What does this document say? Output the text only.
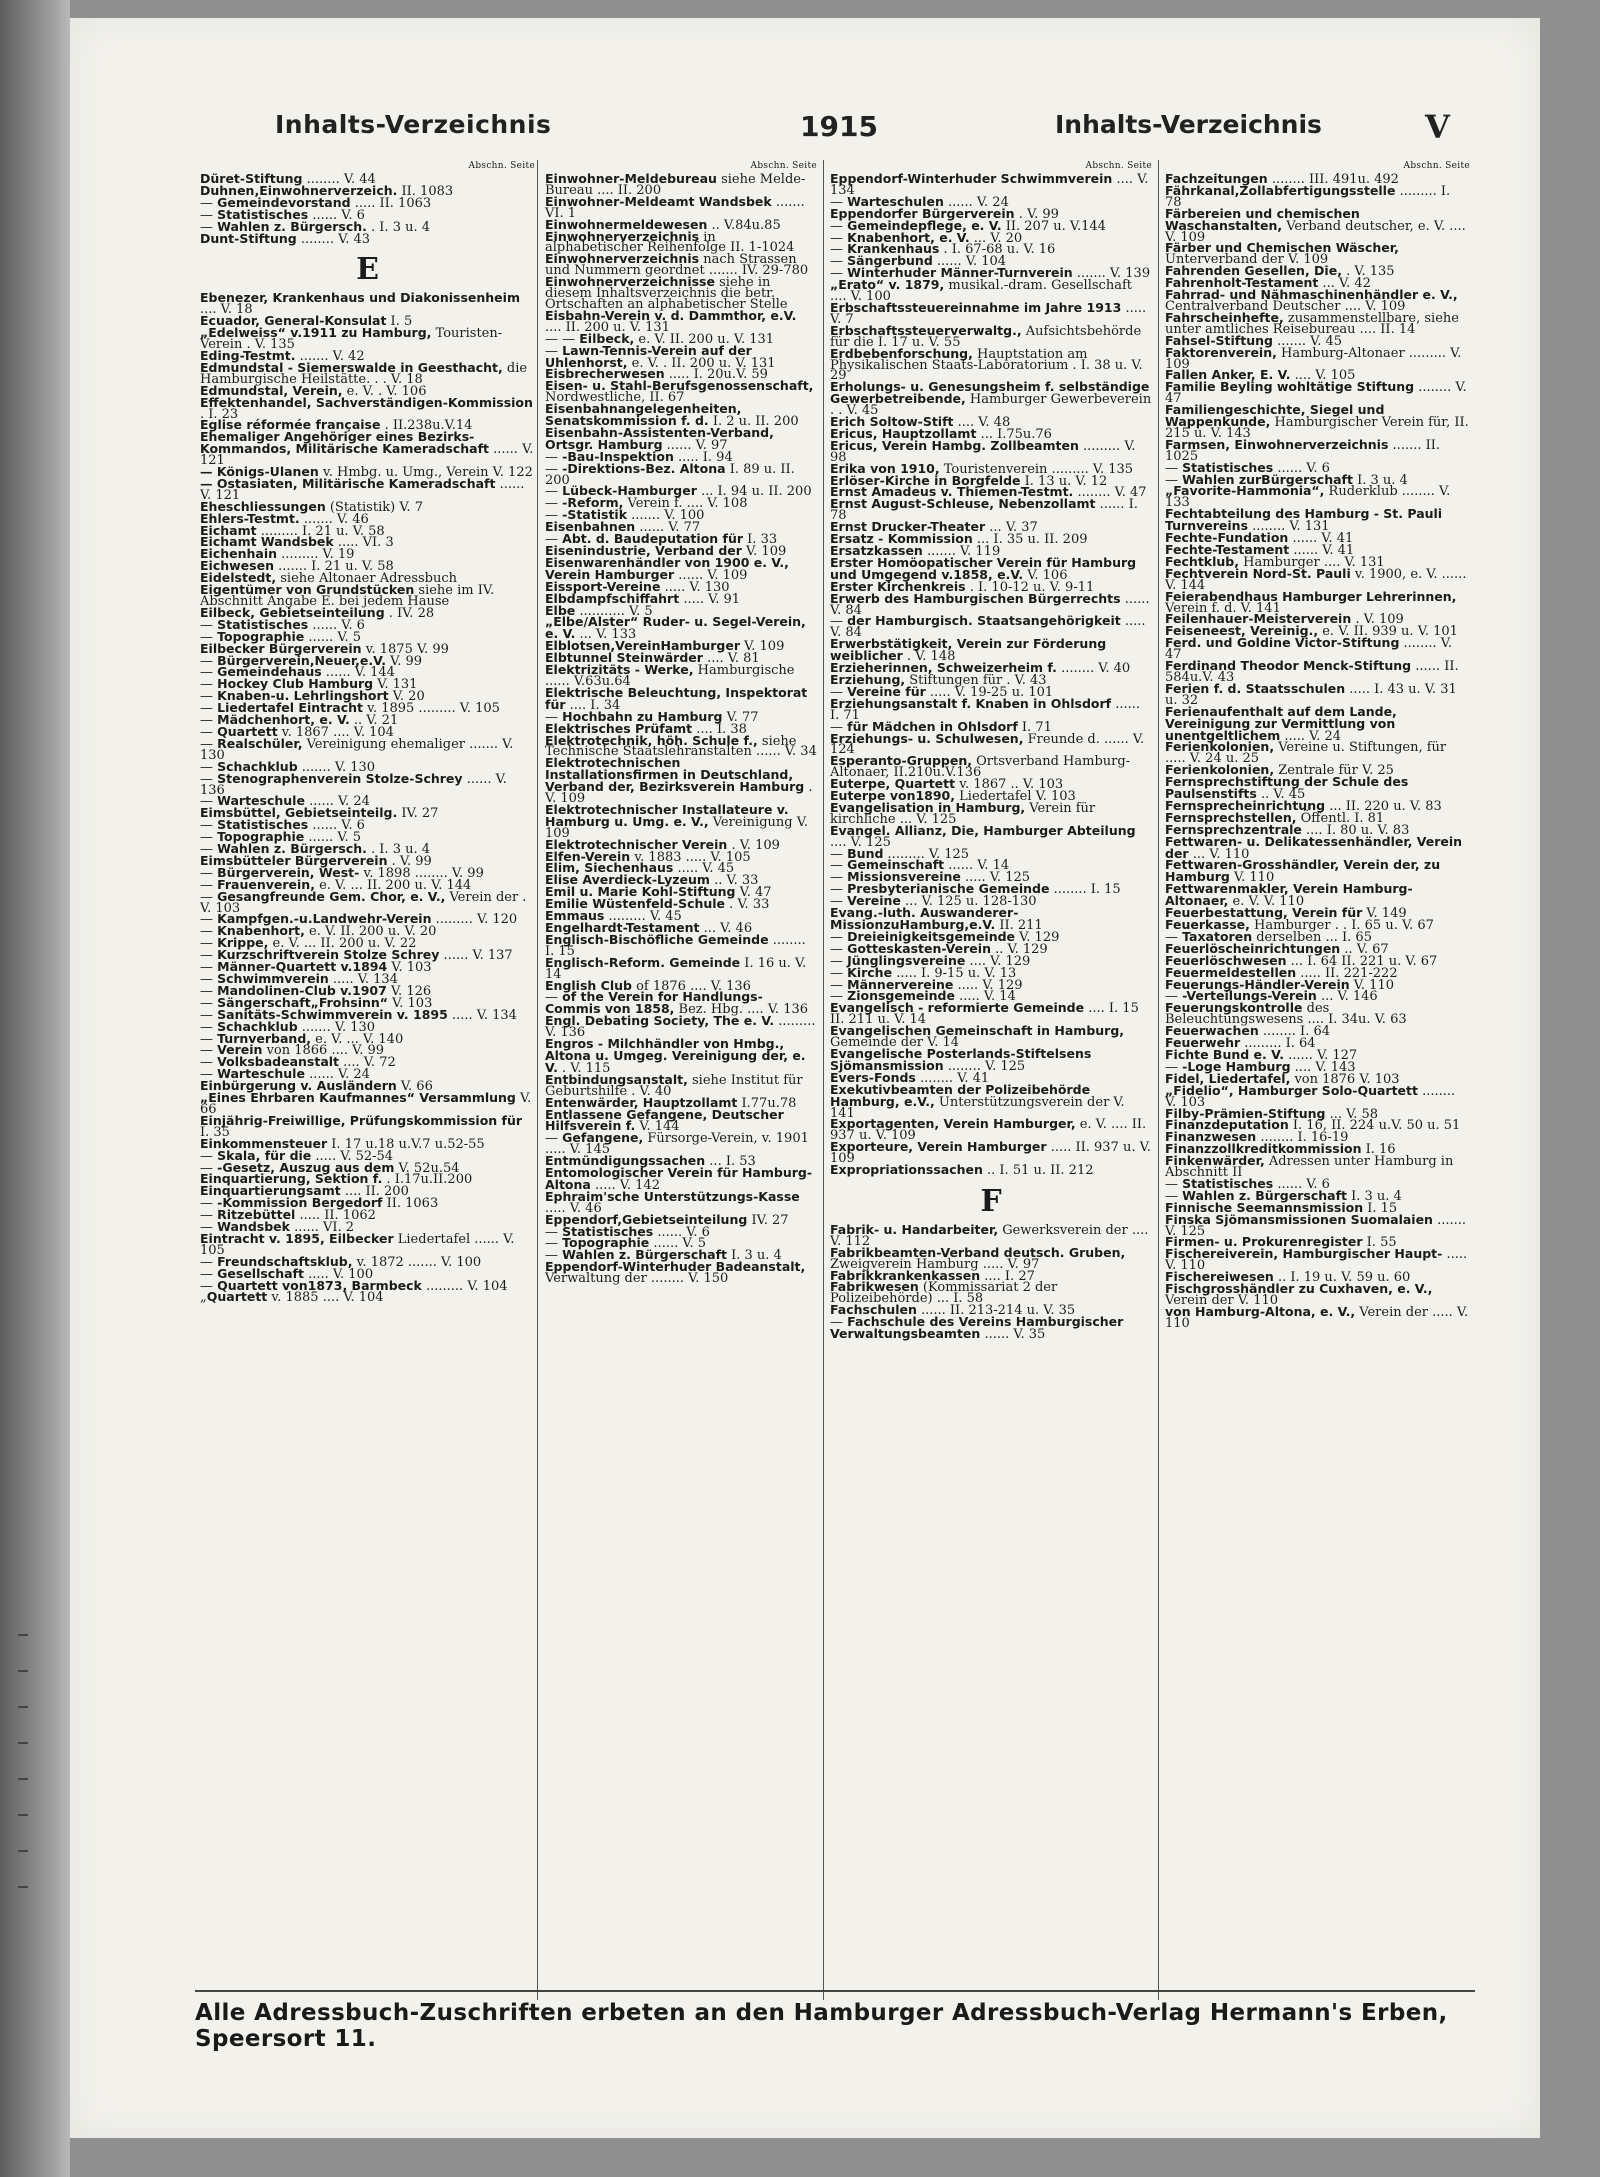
Inhalts-Verzeichnis	1915	Inhalts-Verzeichnis	V
Abschn. Seite
Düret-Stiftung ........ V. 44
Duhnen,Einwohnerverzeich. II. 1083
— Gemeindevorstand ..... II. 1063
— Statistisches ...... V. 6
— Wahlen z. Bürgersch. . I. 3 u. 4
Dunt-Stiftung ........ V. 43
E
Ebenezer, Krankenhaus und Diakonissenheim .... V. 18
Ecuador, General-Konsulat I. 5
„Edelweiss“ v.1911 zu Hamburg, Touristen-Verein . V. 135
Eding-Testmt. ....... V. 42
Edmundstal - Siemerswalde in Geesthacht, die Hamburgische Heilstätte. . . V. 18
Edmundstal, Verein, e. V. . V. 106
Effektenhandel, Sachverständigen-Kommission . I. 23
Eglise réformée française . II.238u.V.14
Ehemaliger Angehöriger eines Bezirks-Kommandos, Militärische Kameradschaft ...... V. 121
— Königs-Ulanen v. Hmbg. u. Umg., Verein V. 122
— Ostasiaten, Militärische Kameradschaft ...... V. 121
Eheschliessungen (Statistik) V. 7
Ehlers-Testmt. ....... V. 46
Eichamt ......... I. 21 u. V. 58
Eichamt Wandsbek ..... VI. 3
Eichenhain ......... V. 19
Eichwesen ....... I. 21 u. V. 58
Eidelstedt, siehe Altonaer Adressbuch
Eigentümer von Grundstücken siehe im IV. Abschnitt Angabe E. bei jedem Hause
Eilbeck, Gebietseinteilung . IV. 28
— Statistisches ...... V. 6
— Topographie ...... V. 5
Eilbecker Bürgerverein v. 1875 V. 99
— Bürgerverein,Neuer,e.V. V. 99
— Gemeindehaus ...... V. 144
— Hockey Club Hamburg V. 131
— Knaben-u. Lehrlingshort V. 20
— Liedertafel Eintracht v. 1895 ......... V. 105
— Mädchenhort, e. V. .. V. 21
— Quartett v. 1867 .... V. 104
— Realschüler, Vereinigung ehemaliger ....... V. 130
— Schachklub ....... V. 130
— Stenographenverein Stolze-Schrey ...... V. 136
— Warteschule ...... V. 24
Eimsbüttel, Gebietseinteilg. IV. 27
— Statistisches ...... V. 6
— Topographie ...... V. 5
— Wahlen z. Bürgersch. . I. 3 u. 4
Eimsbütteler Bürgerverein . V. 99
— Bürgerverein, West- v. 1898 ........ V. 99
— Frauenverein, e. V. ... II. 200 u. V. 144
— Gesangfreunde Gem. Chor, e. V., Verein der . V. 103
— Kampfgen.-u.Landwehr-Verein ......... V. 120
— Knabenhort, e. V. II. 200 u. V. 20
— Krippe, e. V. ... II. 200 u. V. 22
— Kurzschriftverein Stolze Schrey ...... V. 137
— Männer-Quartett v.1894 V. 103
— Schwimmverein ..... V. 134
— Mandolinen-Club v.1907 V. 126
— Sängerschaft„Frohsinn“ V. 103
— Sanitäts-Schwimmverein v. 1895 ..... V. 134
— Schachklub ....... V. 130
— Turnverband, e. V. ... V. 140
— Verein von 1866 .... V. 99
— Volksbadeanstalt .... V. 72
— Warteschule ...... V. 24
Einbürgerung v. Ausländern V. 66
„Eines Ehrbaren Kaufmannes“ Versammlung V. 66
Einjährig-Freiwillige, Prüfungskommission für I. 35
Einkommensteuer I. 17 u.18 u.V.7 u.52-55
— Skala, für die ..... V. 52-54
— -Gesetz, Auszug aus dem V. 52u.54
Einquartierung, Sektion f. . I.17u.II.200
Einquartierungsamt .... II. 200
— -Kommission Bergedorf II. 1063
— Ritzebüttel ..... II. 1062
— Wandsbek ...... VI. 2
Eintracht v. 1895, Eilbecker Liedertafel ...... V. 105
— Freundschaftsklub, v. 1872 ....... V. 100
— Gesellschaft ..... V. 100
— Quartett von1873, Barmbeck ......... V. 104
„Quartett v. 1885 .... V. 104
Abschn. Seite
Einwohner-Meldebureau siehe Melde-Bureau .... II. 200
Einwohner-Meldeamt Wandsbek ....... VI. 1
Einwohnermeldewesen .. V.84u.85
Einwohnerverzeichnis in alphabetischer Reihenfolge II. 1-1024
Einwohnerverzeichnis nach Strassen und Nummern geordnet ....... IV. 29-780
Einwohnerverzeichnisse siehe in diesem Inhaltsverzeichnis die betr. Ortschaften an alphabetischer Stelle
Eisbahn-Verein v. d. Dammthor, e.V. .... II. 200 u. V. 131
— — Eilbeck, e. V. II. 200 u. V. 131
— Lawn-Tennis-Verein auf der Uhlenhorst, e. V. . II. 200 u. V. 131
Eisbrecherwesen ..... I. 20u.V. 59
Eisen- u. Stahl-Berufsgenossenschaft, Nordwestliche, II. 67
Eisenbahnangelegenheiten, Senatskommission f. d. I. 2 u. II. 200
Eisenbahn-Assistenten-Verband, Ortsgr. Hamburg ...... V. 97
— -Bau-Inspektion ..... I. 94
— -Direktions-Bez. Altona I. 89 u. II. 200
— Lübeck-Hamburger ... I. 94 u. II. 200
— -Reform, Verein f. .... V. 108
— -Statistik ....... V. 100
Eisenbahnen ...... V. 77
— Abt. d. Baudeputation für I. 33
Eisenindustrie, Verband der V. 109
Eisenwarenhändler von 1900 e. V., Verein Hamburger ...... V. 109
Eissport-Vereine ..... V. 130
Elbdampfschiffahrt ..... V. 91
Elbe ........... V. 5
„Elbe/Alster“ Ruder- u. Segel-Verein, e. V. ... V. 133
Elblotsen,VereinHamburger V. 109
Elbtunnel Steinwärder .... V. 81
Elektrizitäts - Werke, Hamburgische ...... V.63u.64
Elektrische Beleuchtung, Inspektorat für .... I. 34
— Hochbahn zu Hamburg V. 77
Elektrisches Prüfamt .... I. 38
Elektrotechnik, höh. Schule f., siehe Technische Staatslehranstalten ...... V. 34
Elektrotechnischen Installationsfirmen in Deutschland, Verband der, Bezirksverein Hamburg . V. 109
Elektrotechnischer Installateure v. Hamburg u. Umg. e. V., Vereinigung V. 109
Elektrotechnischer Verein . V. 109
Elfen-Verein v. 1883 ..... V. 105
Elim, Siechenhaus ..... V. 45
Elise Averdieck-Lyzeum .. V. 33
Emil u. Marie Kohl-Stiftung V. 47
Emilie Wüstenfeld-Schule . V. 33
Emmaus ......... V. 45
Engelhardt-Testament ... V. 46
Englisch-Bischöfliche Gemeinde ........ I. 15
Englisch-Reform. Gemeinde I. 16 u. V. 14
English Club of 1876 .... V. 136
— of the Verein for Handlungs-Commis von 1858, Bez. Hbg. .... V. 136
Engl. Debating Society, The e. V. ......... V. 136
Engros - Milchhändler von Hmbg., Altona u. Umgeg. Vereinigung der, e. V. . V. 115
Entbindungsanstalt, siehe Institut für Geburtshilfe . V. 40
Entenwärder, Hauptzollamt I.77u.78
Entlassene Gefangene, Deutscher Hilfsverein f. V. 144
— Gefangene, Fürsorge-Verein, v. 1901 ..... V. 145
Entmündigungssachen ... I. 53
Entomologischer Verein für Hamburg-Altona ..... V. 142
Ephraim'sche Unterstützungs-Kasse ..... V. 46
Eppendorf,Gebietseinteilung IV. 27
— Statistisches ...... V. 6
— Topographie ...... V. 5
— Wahlen z. Bürgerschaft I. 3 u. 4
Eppendorf-Winterhuder Badeanstalt, Verwaltung der ........ V. 150
Abschn. Seite
Eppendorf-Winterhuder Schwimmverein .... V. 134
— Warteschulen ...... V. 24
Eppendorfer Bürgerverein . V. 99
— Gemeindepflege, e. V. II. 207 u. V.144
— Knabenhort, e. V. ... V. 20
— Krankenhaus . I. 67-68 u. V. 16
— Sängerbund ...... V. 104
— Winterhuder Männer-Turnverein ....... V. 139
„Erato“ v. 1879, musikal.-dram. Gesellschaft .... V. 100
Erbschaftssteuereinnahme im Jahre 1913 ..... V. 7
Erbschaftssteuerverwaltg., Aufsichtsbehörde für die I. 17 u. V. 55
Erdbebenforschung, Hauptstation am Physikalischen Staats-Laboratorium . I. 38 u. V. 29
Erholungs- u. Genesungsheim f. selbständige Gewerbetreibende, Hamburger Gewerbeverein . . V. 45
Erich Soltow-Stift .... V. 48
Ericus, Hauptzollamt ... I.75u.76
Ericus, Verein Hambg. Zollbeamten ......... V. 98
Erika von 1910, Touristenverein ......... V. 135
Erlöser-Kirche in Borgfelde I. 13 u. V. 12
Ernst Amadeus v. Thiemen-Testmt. ........ V. 47
Ernst August-Schleuse, Nebenzollamt ...... I. 78
Ernst Drucker-Theater ... V. 37
Ersatz - Kommission ... I. 35 u. II. 209
Ersatzkassen ....... V. 119
Erster Homöopatischer Verein für Hamburg und Umgegend v.1858, e.V. V. 106
Erster Kirchenkreis . I. 10-12 u. V. 9-11
Erwerb des Hamburgischen Bürgerrechts ...... V. 84
— der Hamburgisch. Staatsangehörigkeit ..... V. 84
Erwerbstätigkeit, Verein zur Förderung weiblicher . V. 148
Erzieherinnen, Schweizerheim f. ........ V. 40
Erziehung, Stiftungen für . V. 43
— Vereine für ..... V. 19-25 u. 101
Erziehungsanstalt f. Knaben in Ohlsdorf ...... I. 71
— für Mädchen in Ohlsdorf I. 71
Erziehungs- u. Schulwesen, Freunde d. ...... V. 124
Esperanto-Gruppen, Ortsverband Hamburg-Altonaer, II.210u.V.136
Euterpe, Quartett v. 1867 .. V. 103
Euterpe von1890, Liedertafel V. 103
Evangelisation in Hamburg, Verein für kirchliche ... V. 125
Evangel. Allianz, Die, Hamburger Abteilung .... V. 125
— Bund ......... V. 125
— Gemeinschaft ...... V. 14
— Missionsvereine ..... V. 125
— Presbyterianische Gemeinde ........ I. 15
— Vereine ... V. 125 u. 128-130
Evang.-luth. Auswanderer-MissionzuHamburg,e.V. II. 211
— Dreieinigkeitsgemeinde V. 129
— Gotteskasten-Verein .. V. 129
— Jünglingsvereine .... V. 129
— Kirche ..... I. 9-15 u. V. 13
— Männervereine ..... V. 129
— Zionsgemeinde ..... V. 14
Evangelisch - reformierte Gemeinde .... I. 15 II. 211 u. V. 14
Evangelischen Gemeinschaft in Hamburg, Gemeinde der V. 14
Evangelische Posterlands-Stiftelsens Sjömansmission ........ V. 125
Evers-Fonds ........ V. 41
Exekutivbeamten der Polizeibehörde Hamburg, e.V., Unterstützungsverein der V. 141
Exportagenten, Verein Hamburger, e. V. .... II. 937 u. V. 109
Exporteure, Verein Hamburger ..... II. 937 u. V. 109
Expropriationssachen .. I. 51 u. II. 212
F
Fabrik- u. Handarbeiter, Gewerksverein der .... V. 112
Fabrikbeamten-Verband deutsch. Gruben, Zweigverein Hamburg ..... V. 97
Fabrikkrankenkassen .... I. 27
Fabrikwesen (Kommissariat 2 der Polizeibehörde) ... I. 58
Fachschulen ...... II. 213-214 u. V. 35
— Fachschule des Vereins Hamburgischer Verwaltungsbeamten ...... V. 35
Abschn. Seite
Fachzeitungen ........ III. 491u. 492
Fährkanal,Zollabfertigungsstelle ......... I. 78
Färbereien und chemischen Waschanstalten, Verband deutscher, e. V. .... V. 109
Färber und Chemischen Wäscher, Unterverband der V. 109
Fahrenden Gesellen, Die, . V. 135
Fahrenholt-Testament ... V. 42
Fahrrad- und Nähmaschinenhändler e. V., Centralverband Deutscher .... V. 109
Fahrscheinhefte, zusammenstellbare, siehe unter amtliches Reisebureau .... II. 14
Fahsel-Stiftung ....... V. 45
Faktorenverein, Hamburg-Altonaer ......... V. 109
Fallen Anker, E. V. .... V. 105
Familie Beyling wohltätige Stiftung ........ V. 47
Familiengeschichte, Siegel und Wappenkunde, Hamburgischer Verein für, II. 215 u. V. 143
Farmsen, Einwohnerverzeichnis ....... II. 1025
— Statistisches ...... V. 6
— Wahlen zurBürgerschaft I. 3 u. 4
„Favorite-Hammonia“, Ruderklub ........ V. 133
Fechtabteilung des Hamburg - St. Pauli Turnvereins ........ V. 131
Fechte-Fundation ...... V. 41
Fechte-Testament ...... V. 41
Fechtklub, Hamburger .... V. 131
Fechtverein Nord-St. Pauli v. 1900, e. V. ...... V. 144
Feierabendhaus Hamburger Lehrerinnen, Verein f. d. V. 141
Feilenhauer-Meisterverein . V. 109
Feiseneest, Vereinig., e. V. II. 939 u. V. 101
Ferd. und Goldine Victor-Stiftung ........ V. 47
Ferdinand Theodor Menck-Stiftung ...... II. 584u.V. 43
Ferien f. d. Staatsschulen ..... I. 43 u. V. 31 u. 32
Ferienaufenthalt auf dem Lande, Vereinigung zur Vermittlung von unentgeltlichem ..... V. 24
Ferienkolonien, Vereine u. Stiftungen, für ..... V. 24 u. 25
Ferienkolonien, Zentrale für V. 25
Fernsprechstiftung der Schule des Paulsenstifts .. V. 45
Fernsprecheinrichtung ... II. 220 u. V. 83
Fernsprechstellen, Öffentl. I. 81
Fernsprechzentrale .... I. 80 u. V. 83
Fettwaren- u. Delikatessenhändler, Verein der ... V. 110
Fettwaren-Grosshändler, Verein der, zu Hamburg V. 110
Fettwarenmakler, Verein Hamburg-Altonaer, e. V. V. 110
Feuerbestattung, Verein für V. 149
Feuerkasse, Hamburger . . I. 65 u. V. 67
— Taxatoren derselben ... I. 65
Feuerlöscheinrichtungen .. V. 67
Feuerlöschwesen ... I. 64 II. 221 u. V. 67
Feuermeldestellen ..... II. 221-222
Feuerungs-Händler-Verein V. 110
— -Verteilungs-Verein ... V. 146
Feuerungskontrolle des Beleuchtungswesens .... I. 34u. V. 63
Feuerwachen ........ I. 64
Feuerwehr ......... I. 64
Fichte Bund e. V. ...... V. 127
— -Loge Hamburg .... V. 143
Fidel, Liedertafel, von 1876 V. 103
„Fidelio“, Hamburger Solo-Quartett ........ V. 103
Filby-Prämien-Stiftung ... V. 58
Finanzdeputation I. 16, II. 224 u.V. 50 u. 51
Finanzwesen ........ I. 16-19
Finanzzollkreditkommission I. 16
Finkenwärder, Adressen unter Hamburg in Abschnitt II
— Statistisches ...... V. 6
— Wahlen z. Bürgerschaft I. 3 u. 4
Finnische Seemannsmission I. 15
Finska Sjömansmissionen Suomalaien ....... V. 125
Firmen- u. Prokurenregister I. 55
Fischereiverein, Hamburgischer Haupt- ..... V. 110
Fischereiwesen .. I. 19 u. V. 59 u. 60
Fischgrosshändler zu Cuxhaven, e. V., Verein der V. 110
von Hamburg-Altona, e. V., Verein der ..... V. 110
Alle Adressbuch-Zuschriften erbeten an den Hamburger Adressbuch-Verlag Hermann's Erben, Speersort 11.
